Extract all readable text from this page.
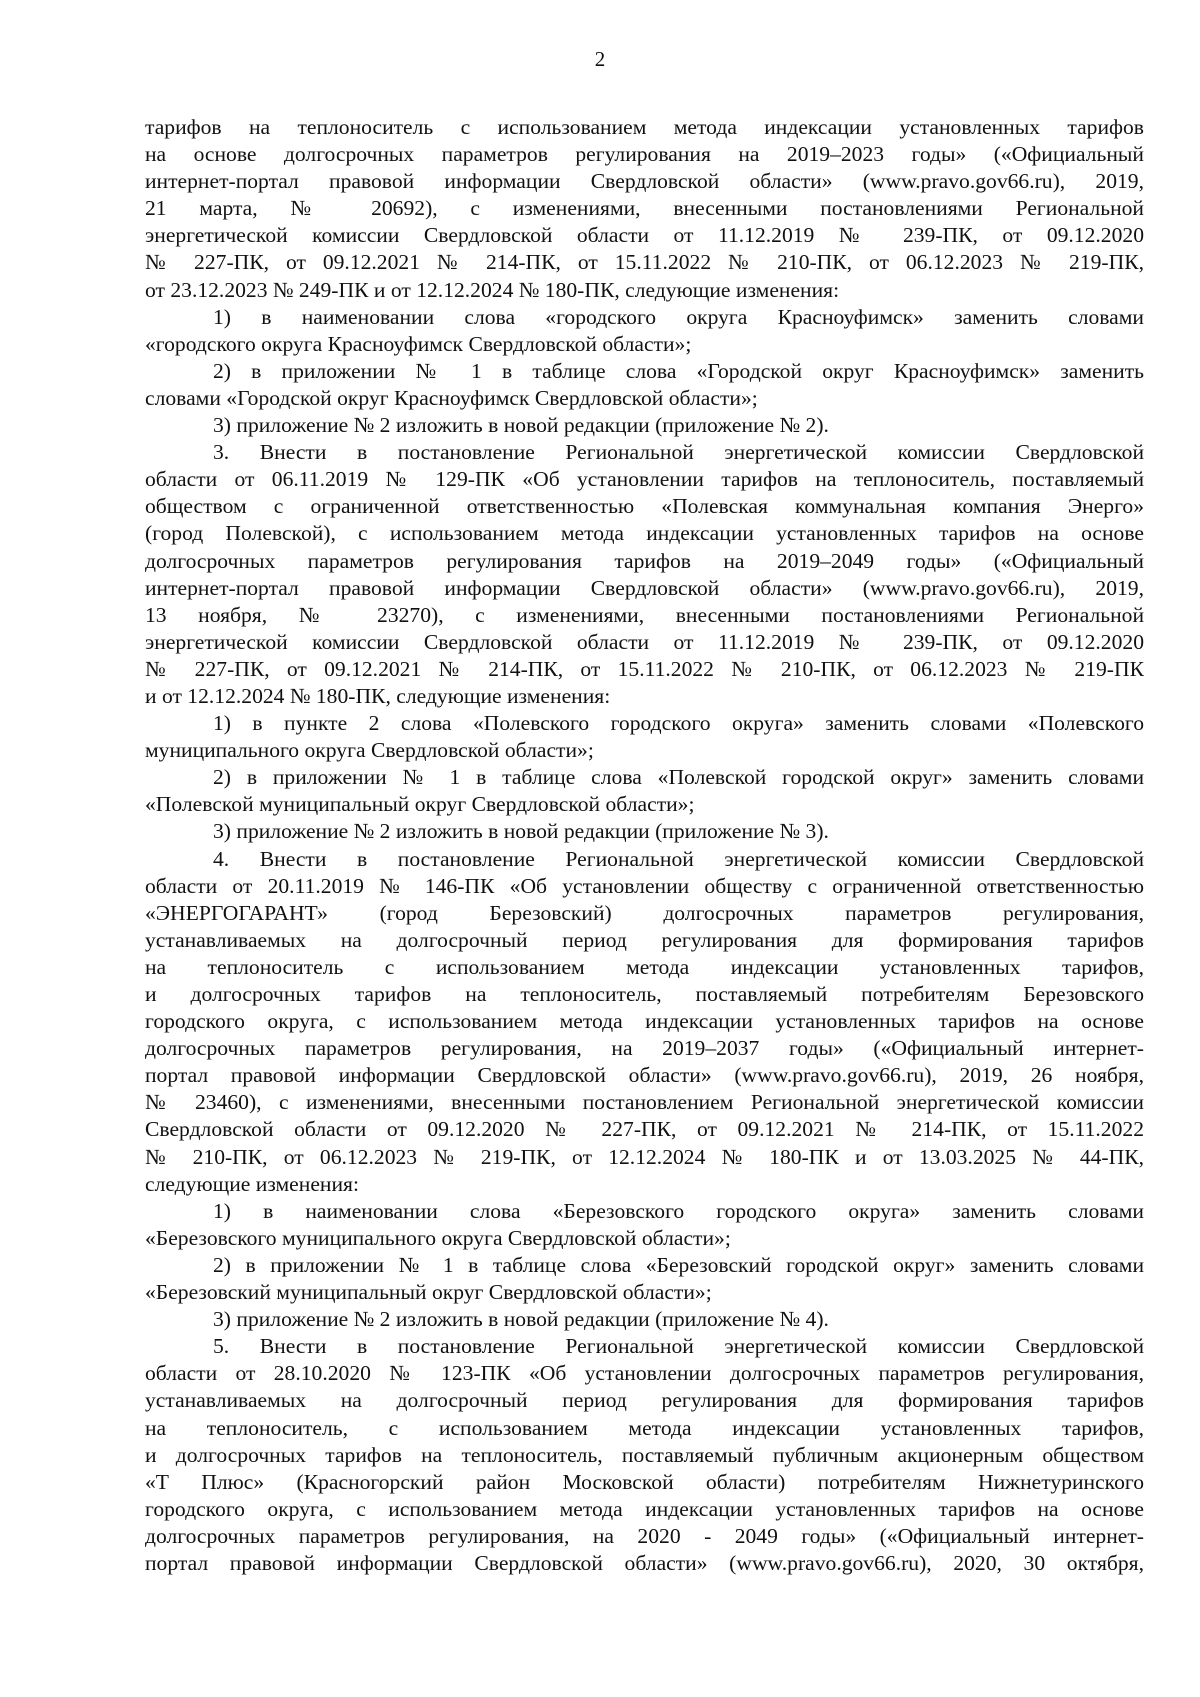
2
тарифов на теплоноситель с использованием метода индексации установленных тарифов
на основе долгосрочных параметров регулирования на 2019–2023 годы» («Официальный
интернет-портал правовой информации Свердловской области» (www.pravo.gov66.ru), 2019,
21 марта, № 20692), с изменениями, внесенными постановлениями Региональной
энергетической комиссии Свердловской области от 11.12.2019 № 239-ПК, от 09.12.2020
№ 227-ПК, от 09.12.2021 № 214-ПК, от 15.11.2022 № 210-ПК, от 06.12.2023 № 219-ПК,
от 23.12.2023 № 249-ПК и от 12.12.2024 № 180-ПК, следующие изменения:
1) в наименовании слова «городского округа Красноуфимск» заменить словами
«городского округа Красноуфимск Свердловской области»;
2) в приложении № 1 в таблице слова «Городской округ Красноуфимск» заменить
словами «Городской округ Красноуфимск Свердловской области»;
3) приложение № 2 изложить в новой редакции (приложение № 2).
3. Внести в постановление Региональной энергетической комиссии Свердловской
области от 06.11.2019 № 129-ПК «Об установлении тарифов на теплоноситель, поставляемый
обществом с ограниченной ответственностью «Полевская коммунальная компания Энерго»
(город Полевской), с использованием метода индексации установленных тарифов на основе
долгосрочных параметров регулирования тарифов на 2019–2049 годы» («Официальный
интернет-портал правовой информации Свердловской области» (www.pravo.gov66.ru), 2019,
13 ноября, № 23270), с изменениями, внесенными постановлениями Региональной
энергетической комиссии Свердловской области от 11.12.2019 № 239-ПК, от 09.12.2020
№ 227-ПК, от 09.12.2021 № 214-ПК, от 15.11.2022 № 210-ПК, от 06.12.2023 № 219-ПК
и от 12.12.2024 № 180-ПК, следующие изменения:
1) в пункте 2 слова «Полевского городского округа» заменить словами «Полевского
муниципального округа Свердловской области»;
2) в приложении № 1 в таблице слова «Полевской городской округ» заменить словами
«Полевской муниципальный округ Свердловской области»;
3) приложение № 2 изложить в новой редакции (приложение № 3).
4. Внести в постановление Региональной энергетической комиссии Свердловской
области от 20.11.2019 № 146-ПК «Об установлении обществу с ограниченной ответственностью
«ЭНЕРГОГАРАНТ» (город Березовский) долгосрочных параметров регулирования,
устанавливаемых на долгосрочный период регулирования для формирования тарифов
на теплоноситель с использованием метода индексации установленных тарифов,
и долгосрочных тарифов на теплоноситель, поставляемый потребителям Березовского
городского округа, с использованием метода индексации установленных тарифов на основе
долгосрочных параметров регулирования, на 2019–2037 годы» («Официальный интернет-
портал правовой информации Свердловской области» (www.pravo.gov66.ru), 2019, 26 ноября,
№ 23460), с изменениями, внесенными постановлением Региональной энергетической комиссии
Свердловской области от 09.12.2020 № 227-ПК, от 09.12.2021 № 214-ПК, от 15.11.2022
№ 210-ПК, от 06.12.2023 № 219-ПК, от 12.12.2024 № 180-ПК и от 13.03.2025 № 44-ПК,
следующие изменения:
1) в наименовании слова «Березовского городского округа» заменить словами
«Березовского муниципального округа Свердловской области»;
2) в приложении № 1 в таблице слова «Березовский городской округ» заменить словами
«Березовский муниципальный округ Свердловской области»;
3) приложение № 2 изложить в новой редакции (приложение № 4).
5. Внести в постановление Региональной энергетической комиссии Свердловской
области от 28.10.2020 № 123-ПК «Об установлении долгосрочных параметров регулирования,
устанавливаемых на долгосрочный период регулирования для формирования тарифов
на теплоноситель, с использованием метода индексации установленных тарифов,
и долгосрочных тарифов на теплоноситель, поставляемый публичным акционерным обществом
«Т Плюс» (Красногорский район Московской области) потребителям Нижнетуринского
городского округа, с использованием метода индексации установленных тарифов на основе
долгосрочных параметров регулирования, на 2020 - 2049 годы» («Официальный интернет-
портал правовой информации Свердловской области» (www.pravo.gov66.ru), 2020, 30 октября,
